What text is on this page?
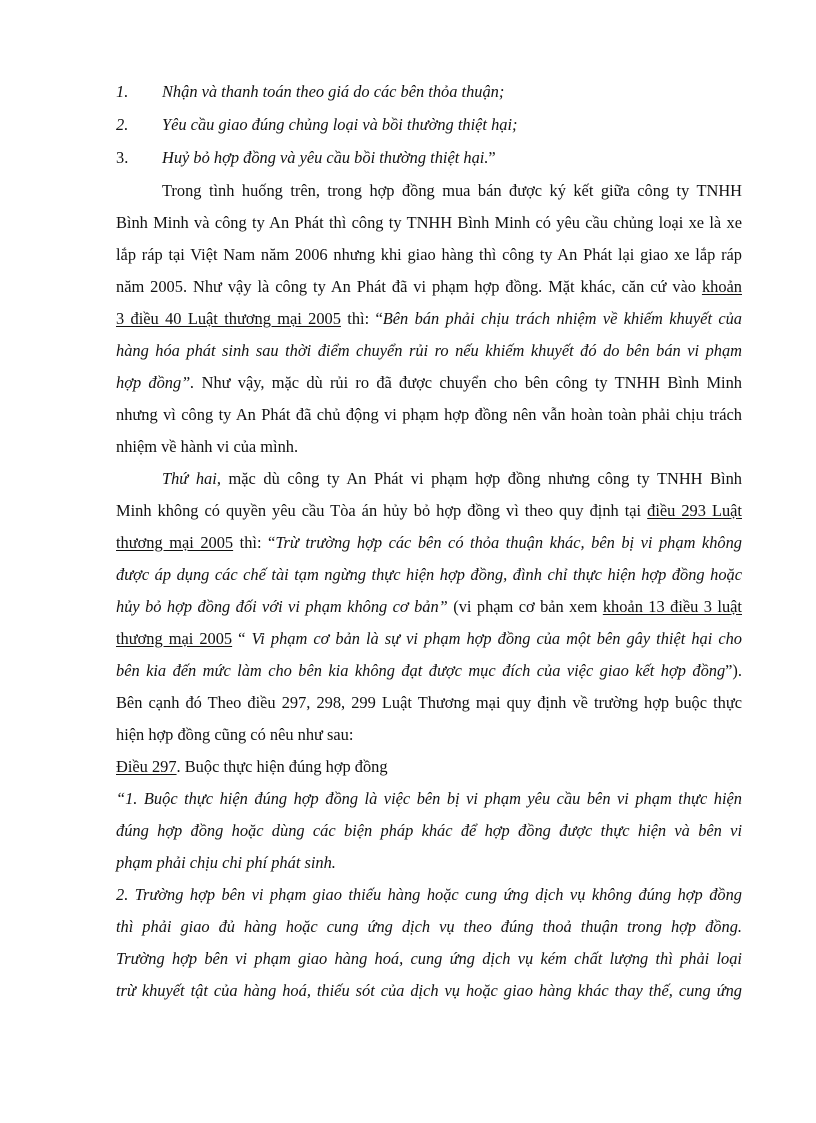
1. Nhận và thanh toán theo giá do các bên thỏa thuận;
2. Yêu cầu giao đúng chủng loại và bồi thường thiệt hại;
3. Huỷ bỏ hợp đồng và yêu cầu bồi thường thiệt hại.”
Trong tình huống trên, trong hợp đồng mua bán được ký kết giữa công ty TNHH
Bình Minh và công ty An Phát thì công ty TNHH Bình Minh có yêu cầu chủng loại xe là xe
lắp ráp tại Việt Nam năm 2006 nhưng khi giao hàng thì công ty An Phát lại giao xe lắp ráp
năm 2005. Như vậy là công ty An Phát đã vi phạm hợp đồng. Mặt khác, căn cứ vào khoản
3 điều 40 Luật thương mại 2005 thì: “Bên bán phải chịu trách nhiệm về khiếm khuyết của
hàng hóa phát sinh sau thời điểm chuyển rủi ro nếu khiếm khuyết đó do bên bán vi phạm
hợp đồng”. Như vậy, mặc dù rủi ro đã được chuyển cho bên công ty TNHH Bình Minh
nhưng vì công ty An Phát đã chủ động vi phạm hợp đồng nên vẫn hoàn toàn phải chịu trách
nhiệm về hành vi của mình.
Thứ hai, mặc dù công ty An Phát vi phạm hợp đồng nhưng công ty TNHH Bình
Minh không có quyền yêu cầu Tòa án hủy bỏ hợp đồng vì theo quy định tại điều 293 Luật
thương mại 2005 thì: “Trừ trường hợp các bên có thỏa thuận khác, bên bị vi phạm không
được áp dụng các chế tài tạm ngừng thực hiện hợp đồng, đình chỉ thực hiện hợp đồng hoặc
hủy bỏ hợp đồng đối với vi phạm không cơ bản” (vi phạm cơ bản xem khoản 13 điều 3 luật
thương mại 2005 “ Vi phạm cơ bản là sự vi phạm hợp đồng của một bên gây thiệt hại cho
bên kia đến mức làm cho bên kia không đạt được mục đích của việc giao kết hợp đồng”).
Bên cạnh đó Theo điều 297, 298, 299 Luật Thương mại quy định về trường hợp buộc thực
hiện hợp đồng cũng có nêu như sau:
Điều 297. Buộc thực hiện đúng hợp đồng
“1. Buộc thực hiện đúng hợp đồng là việc bên bị vi phạm yêu cầu bên vi phạm thực hiện
đúng hợp đồng hoặc dùng các biện pháp khác để hợp đồng được thực hiện và bên vi
phạm phải chịu chi phí phát sinh.
2. Trường hợp bên vi phạm giao thiếu hàng hoặc cung ứng dịch vụ không đúng hợp đồng
thì phải giao đủ hàng hoặc cung ứng dịch vụ theo đúng thoả thuận trong hợp đồng.
Trường hợp bên vi phạm giao hàng hoá, cung ứng dịch vụ kém chất lượng thì phải loại
trừ khuyết tật của hàng hoá, thiếu sót của dịch vụ hoặc giao hàng khác thay thế, cung ứng
